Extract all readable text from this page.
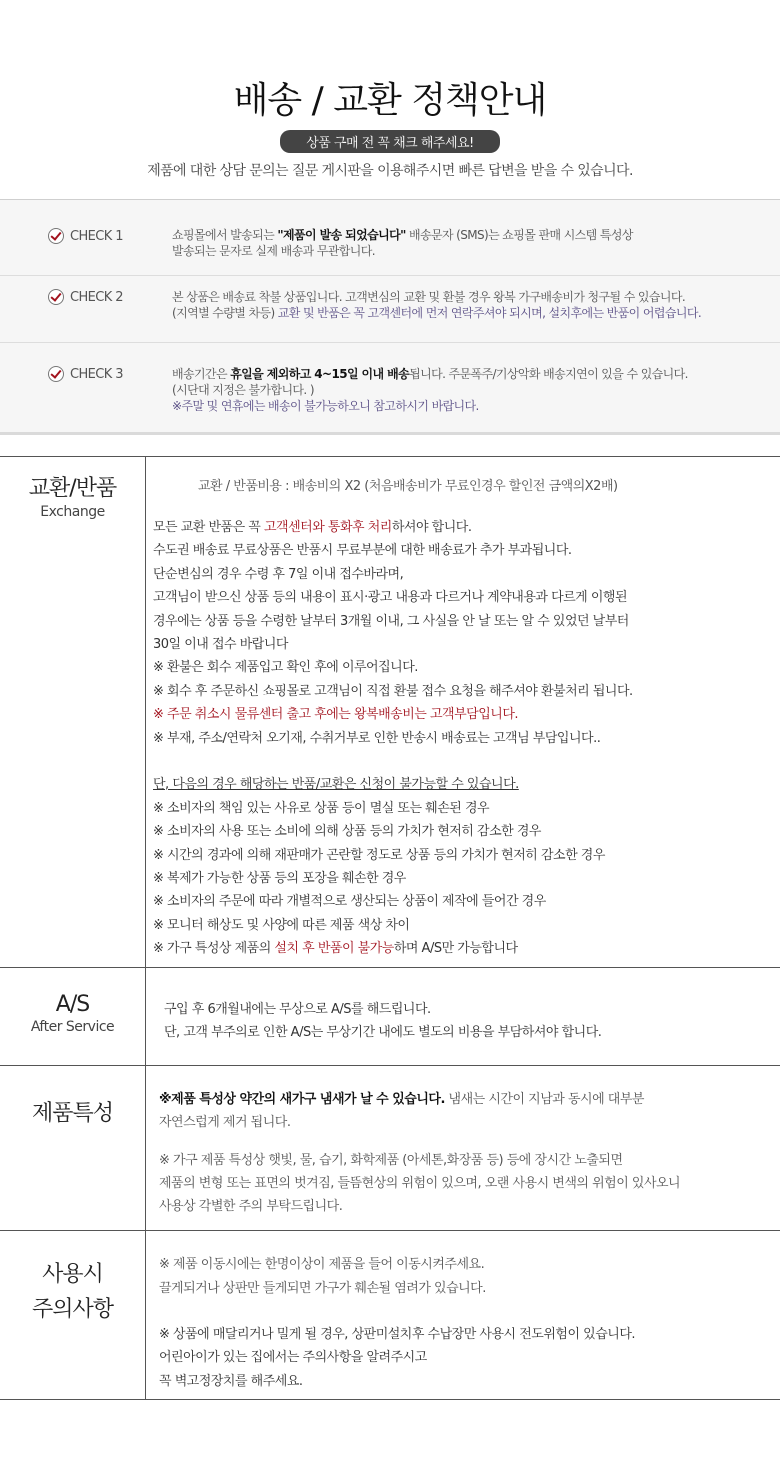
배송 / 교환 정책안내
상품 구매 전 꼭 채크 해주세요!
제품에 대한 상담 문의는 질문 게시판을 이용해주시면 빠른 답변을 받을 수 있습니다.
CHECK 1	쇼핑몰에서 발송되는 "제품이 발송 되었습니다" 배송문자 (SMS)는 쇼핑몰 판매 시스템 특성상
발송되는 문자로 실제 배송과 무관합니다.
CHECK 2	본 상품은 배송료 착불 상품입니다. 고객변심의 교환 및 환불 경우 왕복 가구배송비가 청구될 수 있습니다.
(지역별 수량별 차등) 교환 및 반품은 꼭 고객센터에 먼저 연락주셔야 되시며, 설치후에는 반품이 어렵습니다.
CHECK 3	배송기간은 휴일을 제외하고 4~15일 이내 배송됩니다. 주문폭주/기상악화 배송지연이 있을 수 있습니다.
(시단대 지정은 불가합니다. )
※주말 및 연휴에는 배송이 불가능하오니 참고하시기 바랍니다.
교환/반품
Exchange
교환 / 반품비용 : 배송비의 X2 (처음배송비가 무료인경우 할인전 금액의X2배)
모든 교환 반품은 꼭 고객센터와 통화후 처리하셔야 합니다.
수도권 배송료 무료상품은 반품시 무료부분에 대한 배송료가 추가 부과됩니다.
단순변심의 경우 수령 후 7일 이내 접수바라며,
고객님이 받으신 상품 등의 내용이 표시·광고 내용과 다르거나 계약내용과 다르게 이행된
경우에는 상품 등을 수령한 날부터 3개월 이내, 그 사실을 안 날 또는 알 수 있었던 날부터
30일 이내 접수 바랍니다
※ 환불은 회수 제품입고 확인 후에 이루어집니다.
※ 회수 후 주문하신 쇼핑몰로 고객님이 직접 환불 접수 요청을 해주셔야 환불처리 됩니다.
※ 주문 취소시 물류센터 출고 후에는 왕복배송비는 고객부담입니다.
※ 부재, 주소/연락처 오기재, 수취거부로 인한 반송시 배송료는 고객님 부담입니다..
단, 다음의 경우 해당하는 반품/교환은 신청이 불가능할 수 있습니다.
※ 소비자의 책임 있는 사유로 상품 등이 멸실 또는 훼손된 경우
※ 소비자의 사용 또는 소비에 의해 상품 등의 가치가 현저히 감소한 경우
※ 시간의 경과에 의해 재판매가 곤란할 정도로 상품 등의 가치가 현저히 감소한 경우
※ 복제가 가능한 상품 등의 포장을 훼손한 경우
※ 소비자의 주문에 따라 개별적으로 생산되는 상품이 제작에 들어간 경우
※ 모니터 해상도 및 사양에 따른 제품 색상 차이
※ 가구 특성상 제품의 설치 후 반품이 불가능하며 A/S만 가능합니다
A/S
After Service
구입 후 6개월내에는 무상으로 A/S를 해드립니다.
단, 고객 부주의로 인한 A/S는 무상기간 내에도 별도의 비용을 부담하셔야 합니다.
제품특성
※제품 특성상 약간의 새가구 냄새가 날 수 있습니다. 냄새는 시간이 지남과 동시에 대부분
자연스럽게 제거 됩니다.
※ 가구 제품 특성상 햇빛, 물, 습기, 화학제품 (아세톤,화장품 등) 등에 장시간 노출되면
제품의 변형 또는 표면의 벗겨짐, 들뜸현상의 위험이 있으며, 오랜 사용시 변색의 위험이 있사오니
사용상 각별한 주의 부탁드립니다.
사용시
주의사항
※ 제품 이동시에는 한명이상이 제품을 들어 이동시켜주세요.
끌게되거나 상판만 들게되면 가구가 훼손될 염려가 있습니다.
※ 상품에 매달리거나 밀게 될 경우, 상판미설치후 수납장만 사용시 전도위험이 있습니다.
어린아이가 있는 집에서는 주의사항을 알려주시고
꼭 벽고정장치를 해주세요.
